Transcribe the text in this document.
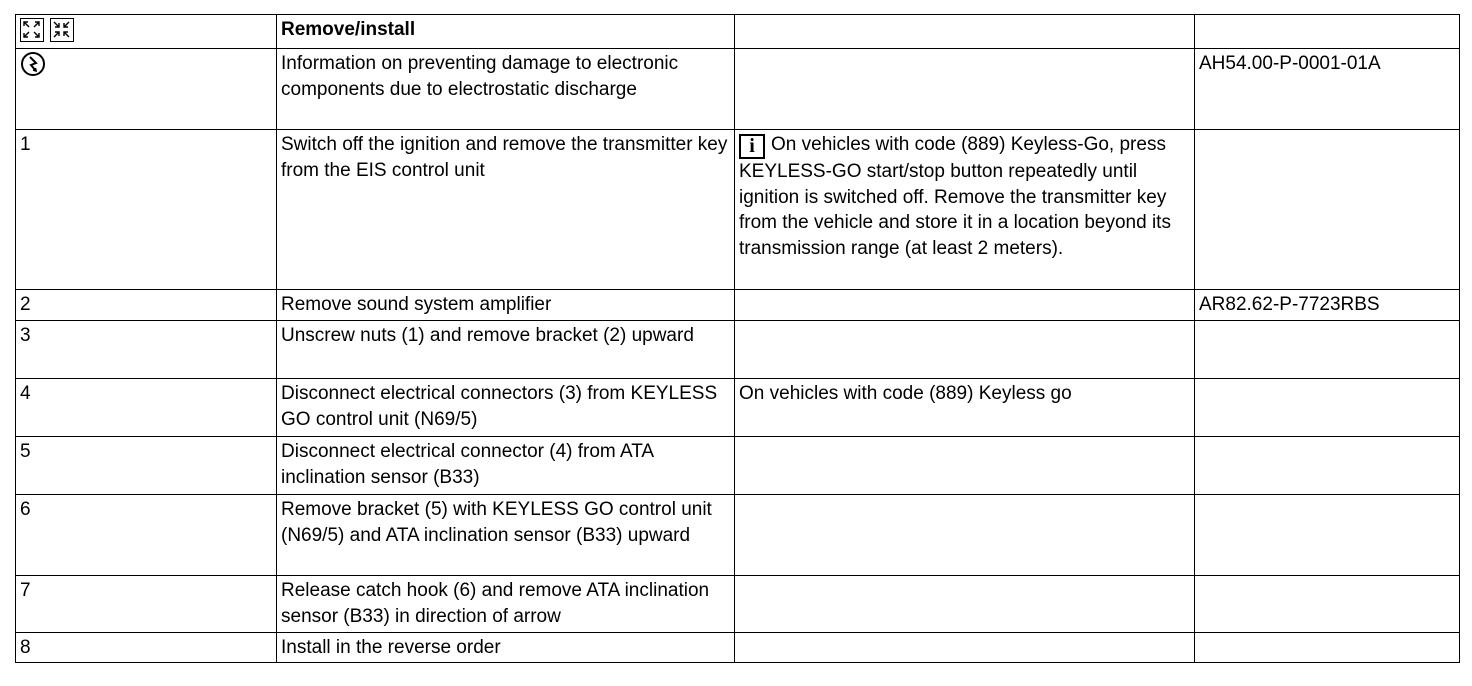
	Remove/install		
	Information on preventing damage to electronic components due to electrostatic discharge		AH54.00-P-0001-01A
1	Switch off the ignition and remove the transmitter key from the EIS control unit	i On vehicles with code (889) Keyless-Go, press KEYLESS-GO start/stop button repeatedly until ignition is switched off. Remove the transmitter key from the vehicle and store it in a location beyond its transmission range (at least 2 meters).	
2	Remove sound system amplifier		AR82.62-P-7723RBS
3	Unscrew nuts (1) and remove bracket (2) upward		
4	Disconnect electrical connectors (3) from KEYLESS GO control unit (N69/5)	On vehicles with code (889) Keyless go	
5	Disconnect electrical connector (4) from ATA inclination sensor (B33)		
6	Remove bracket (5) with KEYLESS GO control unit (N69/5) and ATA inclination sensor (B33) upward		
7	Release catch hook (6) and remove ATA inclination sensor (B33) in direction of arrow		
8	Install in the reverse order		
